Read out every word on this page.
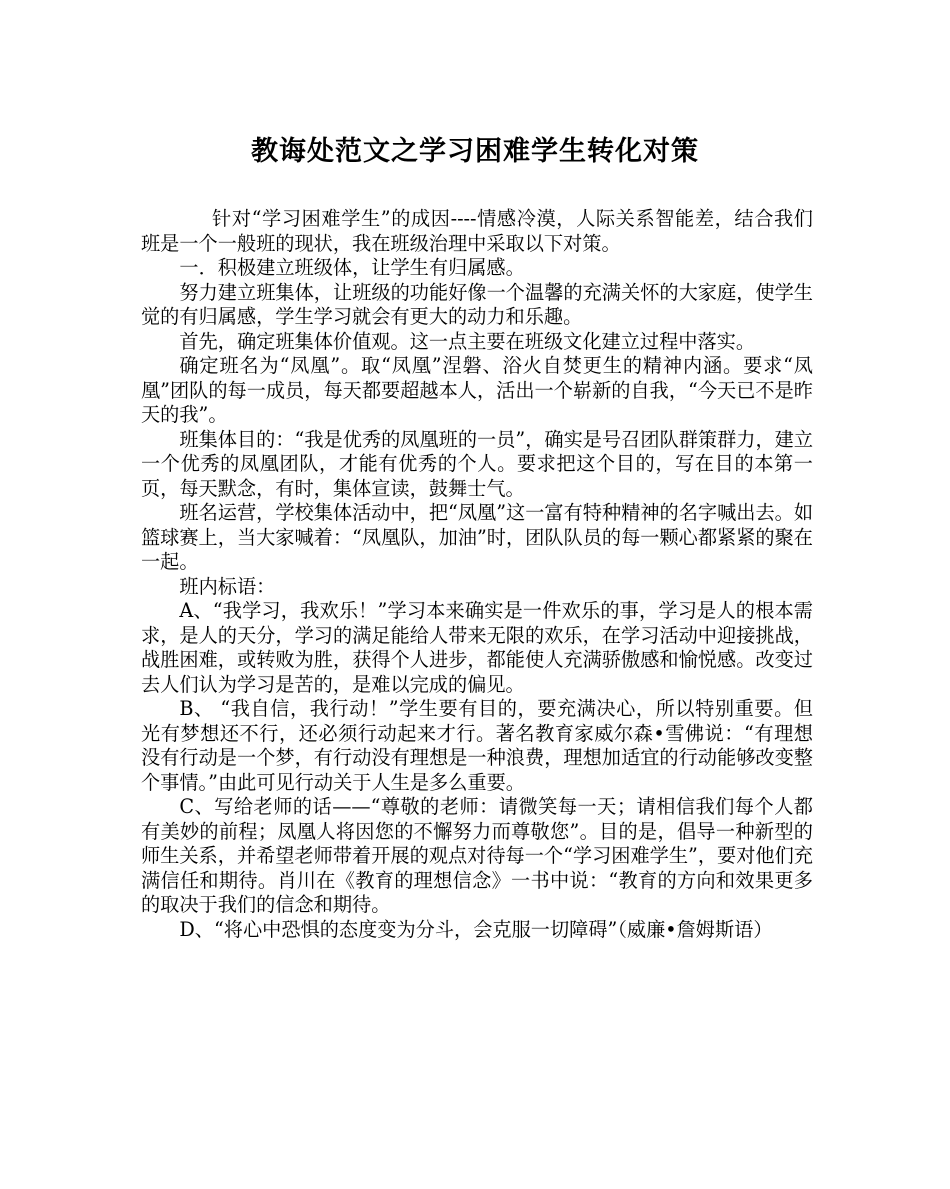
教诲处范文之学习困难学生转化对策

针对“学习困难学生”的成因----情感冷漠，人际关系智能差，结合我们班是一个一般班的现状，我在班级治理中采取以下对策。

一．积极建立班级体，让学生有归属感。

努力建立班集体，让班级的功能好像一个温馨的充满关怀的大家庭，使学生觉的有归属感，学生学习就会有更大的动力和乐趣。

首先，确定班集体价值观。这一点主要在班级文化建立过程中落实。

确定班名为“凤凰”。取“凤凰”涅磐、浴火自焚更生的精神内涵。要求“凤凰”团队的每一成员，每天都要超越本人，活出一个崭新的自我，“今天已不是昨天的我”。

班集体目的：“我是优秀的凤凰班的一员”，确实是号召团队群策群力，建立一个优秀的凤凰团队，才能有优秀的个人。要求把这个目的，写在目的本第一页，每天默念，有时，集体宣读，鼓舞士气。

班名运营，学校集体活动中，把“凤凰”这一富有特种精神的名字喊出去。如篮球赛上，当大家喊着：“凤凰队，加油”时，团队队员的每一颗心都紧紧的聚在一起。

班内标语：

A、“我学习，我欢乐！”学习本来确实是一件欢乐的事，学习是人的根本需求，是人的天分，学习的满足能给人带来无限的欢乐，在学习活动中迎接挑战，战胜困难，或转败为胜，获得个人进步，都能使人充满骄傲感和愉悦感。改变过去人们认为学习是苦的，是难以完成的偏见。

B、 “我自信，我行动！”学生要有目的，要充满决心，所以特别重要。但光有梦想还不行，还必须行动起来才行。著名教育家威尔森•雪佛说：“有理想没有行动是一个梦，有行动没有理想是一种浪费，理想加适宜的行动能够改变整个事情。”由此可见行动关于人生是多么重要。

C、写给老师的话——“尊敬的老师：请微笑每一天；请相信我们每个人都有美妙的前程；凤凰人将因您的不懈努力而尊敬您”。目的是，倡导一种新型的师生关系，并希望老师带着开展的观点对待每一个“学习困难学生”，要对他们充满信任和期待。肖川在《教育的理想信念》一书中说：“教育的方向和效果更多的取决于我们的信念和期待。

D、“将心中恐惧的态度变为分斗，会克服一切障碍”（威廉•詹姆斯语）
